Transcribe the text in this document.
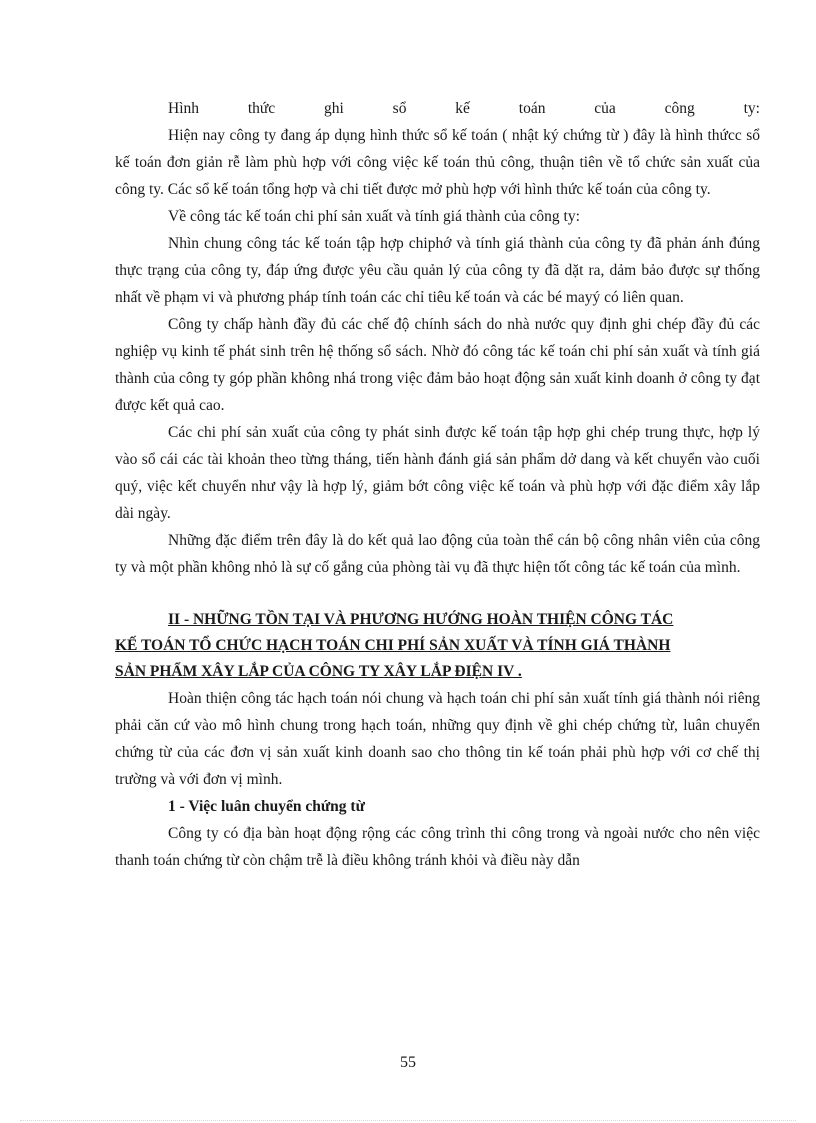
Hình thức ghi sổ kế toán của công ty:

Hiện nay công ty đang áp dụng hình thức sổ kế toán ( nhật ký chứng từ ) đây là hình thứcc sổ kế toán đơn giản rễ làm phù hợp với công việc kế toán thủ công, thuận tiên về tổ chức sản xuất của công ty. Các sổ kế toán tổng hợp và chi tiết được mở phù hợp với hình thức kế toán của công ty.

Về công tác kế toán chi phí sản xuất và tính giá thành của công ty:

Nhìn chung công tác kế toán tập hợp chiphớ và tính giá thành của công ty đã phản ánh đúng thực trạng của công ty, đáp ứng được yêu cầu quản lý của công ty đã dặt ra, dảm bảo được sự thống nhất về phạm vi và phương pháp tính toán các chỉ tiêu kế toán và các bé mayý có liên quan.

Công ty chấp hành đầy đủ các chế độ chính sách do nhà nước quy định ghi chép đầy đủ các nghiệp vụ kinh tế phát sinh trên hệ thống sổ sách. Nhờ đó công tác kế toán chi phí sản xuất và tính giá thành của công ty góp phần không nhá trong việc đảm bảo hoạt động sản xuất kinh doanh ở công ty đạt được kết quả cao.

Các chi phí sản xuất của công ty phát sinh được kế toán tập hợp ghi chép trung thực, hợp lý vào sổ cái các tài khoản theo từng tháng, tiến hành đánh giá sản phẩm dở dang và kết chuyển vào cuối quý, việc kết chuyển như vậy là hợp lý, giảm bớt công việc kế toán và phù hợp với đặc điểm xây lắp dài ngày.

Những đặc điểm trên đây là do kết quả lao động của toàn thể cán bộ công nhân viên của công ty và một phần không nhỏ là sự cố gắng của phòng tài vụ đã thực hiện tốt công tác kế toán của mình.

II - NHỮNG TỒN TẠI VÀ PHƯƠNG HƯỚNG HOÀN THIỆN CÔNG TÁC
KẾ TOÁN TỔ CHỨC HẠCH TOÁN CHI PHÍ SẢN XUẤT VÀ TÍNH GIÁ THÀNH
SẢN PHẨM XÂY LẮP CỦA CÔNG TY XÂY LẮP ĐIỆN IV .

Hoàn thiện công tác hạch toán nói chung và hạch toán chi phí sản xuất tính giá thành nói riêng phải căn cứ vào mô hình chung trong hạch toán, những quy định về ghi chép chứng từ, luân chuyển chứng từ của các đơn vị sản xuất kinh doanh sao cho thông tin kế toán phải phù hợp với cơ chế thị trường và với đơn vị mình.

1 - Việc luân chuyển chứng từ

Công ty có địa bàn hoạt động rộng các công trình thi công trong và ngoài nước cho nên việc thanh toán chứng từ còn chậm trễ là điều không tránh khỏi và điều này dẫn

55
